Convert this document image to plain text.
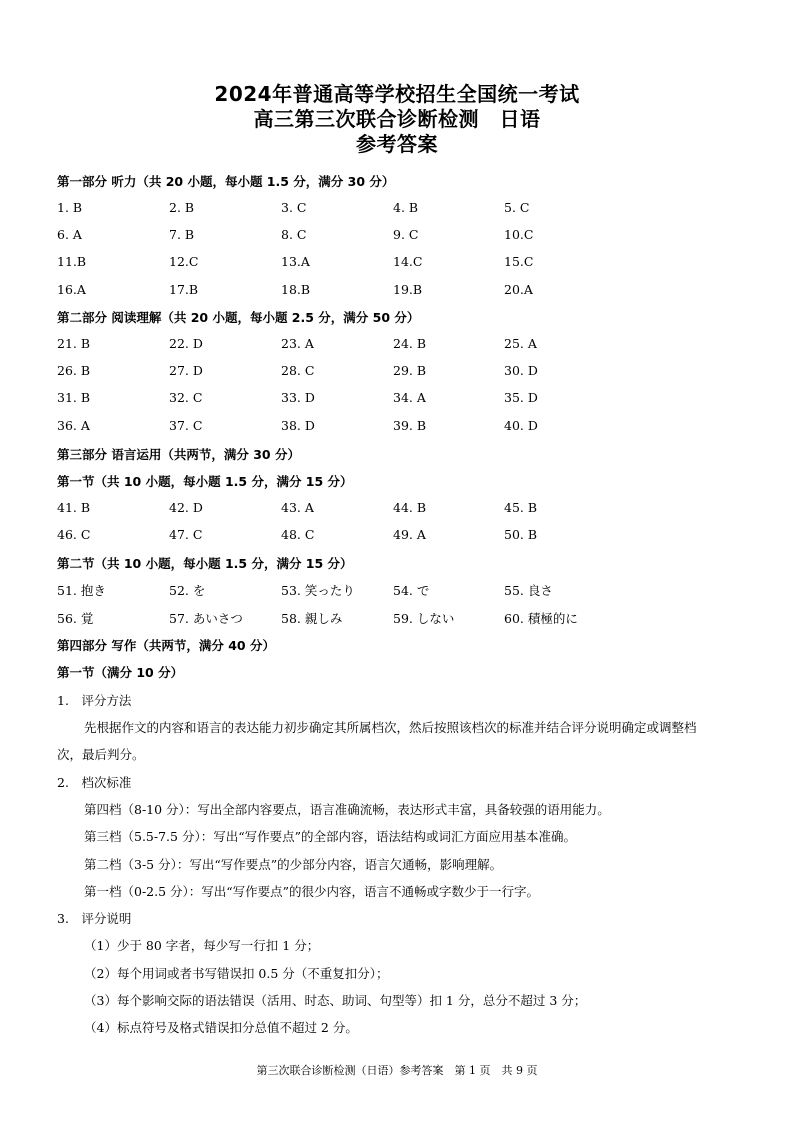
2024年普通高等学校招生全国统一考试
高三第三次联合诊断检测　日语
参考答案
第一部分 听力（共 20 小题，每小题 1.5 分，满分 30 分）
1. B	2. B	3. C	4. B	5. C
6. A	7. B	8. C	9. C	10.C
11.B	12.C	13.A	14.C	15.C
16.A	17.B	18.B	19.B	20.A
第二部分 阅读理解（共 20 小题，每小题 2.5 分，满分 50 分）
21. B	22. D	23. A	24. B	25. A
26. B	27. D	28. C	29. B	30. D
31. B	32. C	33. D	34. A	35. D
36. A	37. C	38. D	39. B	40. D
第三部分 语言运用（共两节，满分 30 分）
第一节（共 10 小题，每小题 1.5 分，满分 15 分）
41. B	42. D	43. A	44. B	45. B
46. C	47. C	48. C	49. A	50. B
第二节（共 10 小题，每小题 1.5 分，满分 15 分）
51. 抱き	52. を	53. 笑ったり	54. で	55. 良さ
56. 覚	57. あいさつ	58. 親しみ	59. しない	60. 積極的に
第四部分 写作（共两节，满分 40 分）
第一节（满分 10 分）
1.　评分方法
先根据作文的内容和语言的表达能力初步确定其所属档次，然后按照该档次的标准并结合评分说明确定或调整档
次，最后判分。
2.　档次标准
第四档（8-10 分）：写出全部内容要点，语言准确流畅，表达形式丰富，具备较强的语用能力。
第三档（5.5-7.5 分）：写出“写作要点”的全部内容，语法结构或词汇方面应用基本准确。
第二档（3-5 分）：写出“写作要点”的少部分内容，语言欠通畅，影响理解。
第一档（0-2.5 分）：写出“写作要点”的很少内容，语言不通畅或字数少于一行字。
3.　评分说明
（1）少于 80 字者，每少写一行扣 1 分；
（2）每个用词或者书写错误扣 0.5 分（不重复扣分）；
（3）每个影响交际的语法错误（活用、时态、助词、句型等）扣 1 分，总分不超过 3 分；
（4）标点符号及格式错误扣分总值不超过 2 分。
第三次联合诊断检测（日语）参考答案　第 1 页　共 9 页
